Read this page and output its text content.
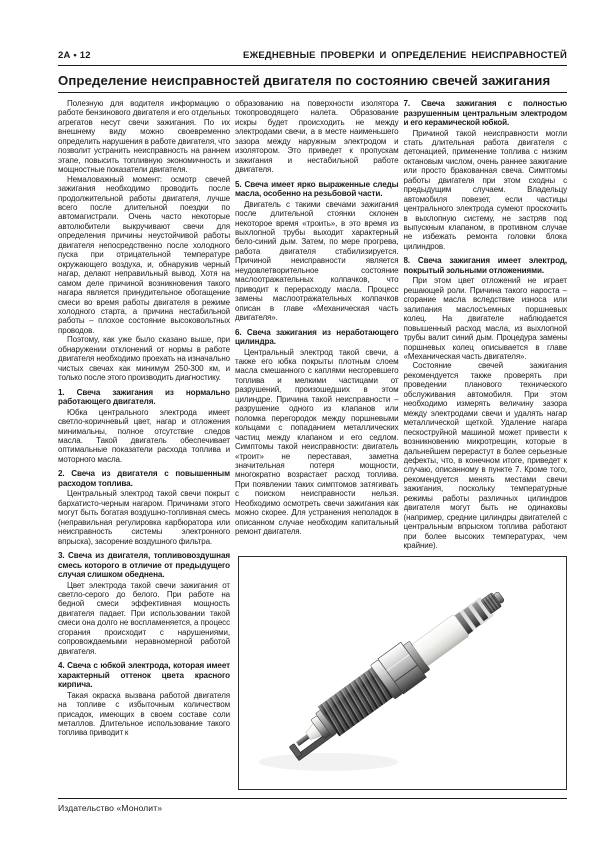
2А • 12	ЕЖЕДНЕВНЫЕ ПРОВЕРКИ И ОПРЕДЕЛЕНИЕ НЕИСПРАВНОСТЕЙ
Определение неисправностей двигателя по состоянию свечей зажигания

Полезную для водителя информацию о работе бензинового двигателя и его отдельных агрегатов несут свечи зажигания. По их внешнему виду можно своевременно определить нарушения в работе двигателя, что позволит устранить неисправность на раннем этапе, повысить топливную экономичность и мощностные показатели двигателя.

Немаловажный момент: осмотр свечей зажигания необходимо проводить после продолжительной работы двигателя, лучше всего после длительной поездки по автомагистрали. Очень часто некоторые автолюбители выкручивают свечи для определения причины неустойчивой работы двигателя непосредственно после холодного пуска при отрицательной температуре окружающего воздуха, и, обнаружив черный нагар, делают неправильный вывод. Хотя на самом деле причиной возникновения такого нагара является принудительное обогащение смеси во время работы двигателя в режиме холодного старта, а причина нестабильной работы – плохое состояние высоковольтных проводов.

Поэтому, как уже было сказано выше, при обнаружении отклонений от нормы в работе двигателя необходимо проехать на изначально чистых свечах как минимум 250-300 км, и только после этого производить диагностику.

1. Свеча зажигания из нормально работающего двигателя.

Юбка центрального электрода имеет светло-коричневый цвет, нагар и отложения минимальны, полное отсутствие следов масла. Такой двигатель обеспечивает оптимальные показатели расхода топлива и моторного масла.

2. Свеча из двигателя с повышенным расходом топлива.

Центральный электрод такой свечи покрыт бархатисто-черным нагаром. Причинами этого могут быть богатая воздушно-топливная смесь (неправильная регулировка карбюратора или неисправность системы электронного впрыска), засорение воздушного фильтра.

3. Свеча из двигателя, топливовоздушная смесь которого в отличие от предыдущего случая слишком обеднена.

Цвет электрода такой свечи зажигания от светло-серого до белого. При работе на бедной смеси эффективная мощность двигателя падает. При использовании такой смеси она долго не воспламеняется, а процесс сгорания происходит с нарушениями, сопровождаемыми неравномерной работой двигателя.

4. Свеча с юбкой электрода, которая имеет характерный оттенок цвета красного кирпича.

Такая окраска вызвана работой двигателя на топливе с избыточным количеством присадок, имеющих в своем составе соли металлов. Длительное использование такого топлива приводит к

образованию на поверхности изолятора токопроводящего налета. Образование искры будет происходить не между электродами свечи, а в месте наименьшего зазора между наружным электродом и изолятором. Это приведет к пропускам зажигания и нестабильной работе двигателя.

5. Свеча имеет ярко выраженные следы масла, особенно на резьбовой части.

Двигатель с такими свечами зажигания после длительной стоянки склонен некоторое время «троить», в это время из выхлопной трубы выходит характерный бело-синий дым. Затем, по мере прогрева, работа двигателя стабилизируется. Причиной неисправности является неудовлетворительное состояние маслоотражательных колпачков, что приводит к перерасходу масла. Процесс замены маслоотражательных колпачков описан в главе «Механическая часть двигателя».

6. Свеча зажигания из неработающего цилиндра.

Центральный электрод такой свечи, а также его юбка покрыты плотным слоем масла смешанного с каплями несгоревшего топлива и мелкими частицами от разрушений, произошедших в этом цилиндре. Причина такой неисправности – разрушение одного из клапанов или поломка перегородок между поршневыми кольцами с попаданием металлических частиц между клапаном и его седлом. Симптомы такой неисправности: двигатель «троит» не переставая, заметна значительная потеря мощности, многократно возрастает расход топлива. При появлении таких симптомов затягивать с поиском неисправности нельзя. Необходимо осмотреть свечи зажигания как можно скорее. Для устранения неполадок в описанном случае необходим капитальный ремонт двигателя.

7. Свеча зажигания с полностью разрушенным центральным электродом и его керамической юбкой.

Причиной такой неисправности могли стать длительная работа двигателя с детонацией, применение топлива с низким октановым числом, очень раннее зажигание или просто бракованная свеча. Симптомы работы двигателя при этом сходны с предыдущим случаем. Владельцу автомобиля повезет, если частицы центрального электрода сумеют проскочить в выхлопную систему, не застряв под выпускным клапаном, в противном случае не избежать ремонта головки блока цилиндров.

8. Свеча зажигания имеет электрод, покрытый зольными отложениями.

При этом цвет отложений не играет решающей роли. Причина такого нароста – сгорание масла вследствие износа или залипания маслосъемных поршневых колец. На двигателе наблюдается повышенный расход масла, из выхлопной трубы валит синий дым. Процедура замены поршневых колец описывается в главе «Механическая часть двигателя».

Состояние свечей зажигания рекомендуется также проверять при проведении планового технического обслуживания автомобиля. При этом необходимо измерять величину зазора между электродами свечи и удалять нагар металлической щеткой. Удаление нагара пескоструйной машиной может привести к возникновению микротрещин, которые в дальнейшем перерастут в более серьезные дефекты, что, в конечном итоге, приведет к случаю, описанному в пункте 7. Кроме того, рекомендуется менять местами свечи зажигания, поскольку температурные режимы работы различных цилиндров двигателя могут быть не одинаковы (например, средние цилиндры двигателей с центральным впрыском топлива работают при более высоких температурах, чем крайние).

Издательство «Монолит»
